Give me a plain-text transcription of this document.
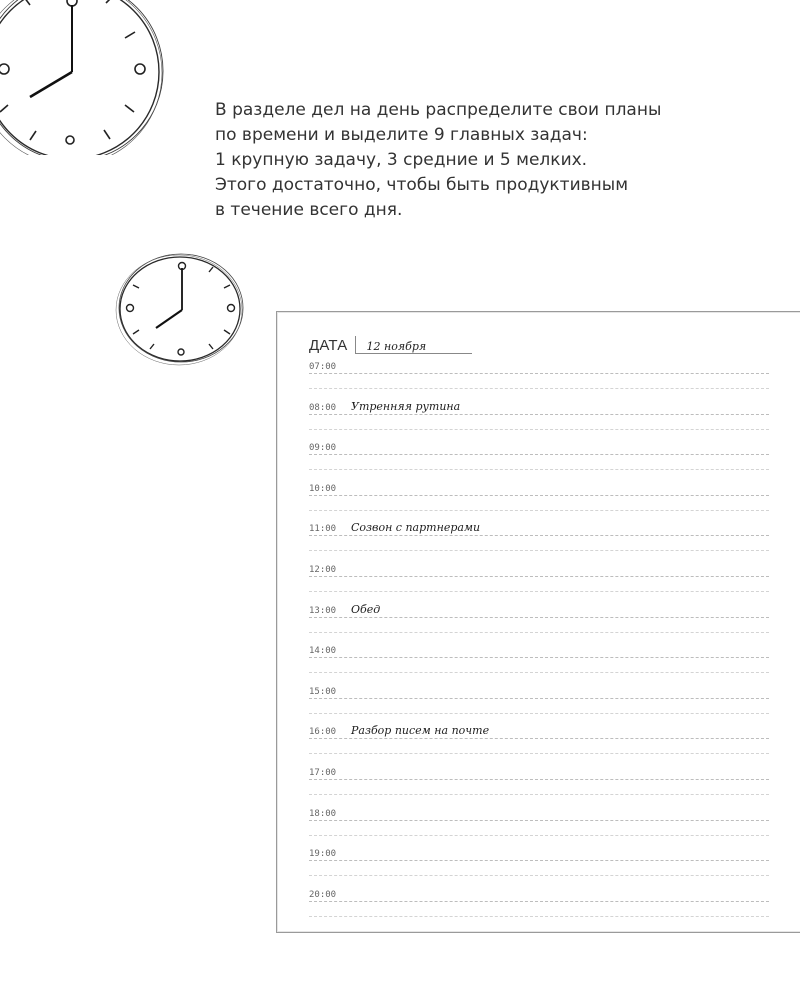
В разделе дел на день распределите свои планы
по времени и выделите 9 главных задач:
1 крупную задачу, 3 средние и 5 мелких.
Этого достаточно, чтобы быть продуктивным
в течение всего дня.

ДАТА 12 ноября
07:00
08:00 Утренняя рутина
09:00
10:00
11:00 Созвон с партнерами
12:00
13:00 Обед
14:00
15:00
16:00 Разбор писем на почте
17:00
18:00
19:00
20:00
